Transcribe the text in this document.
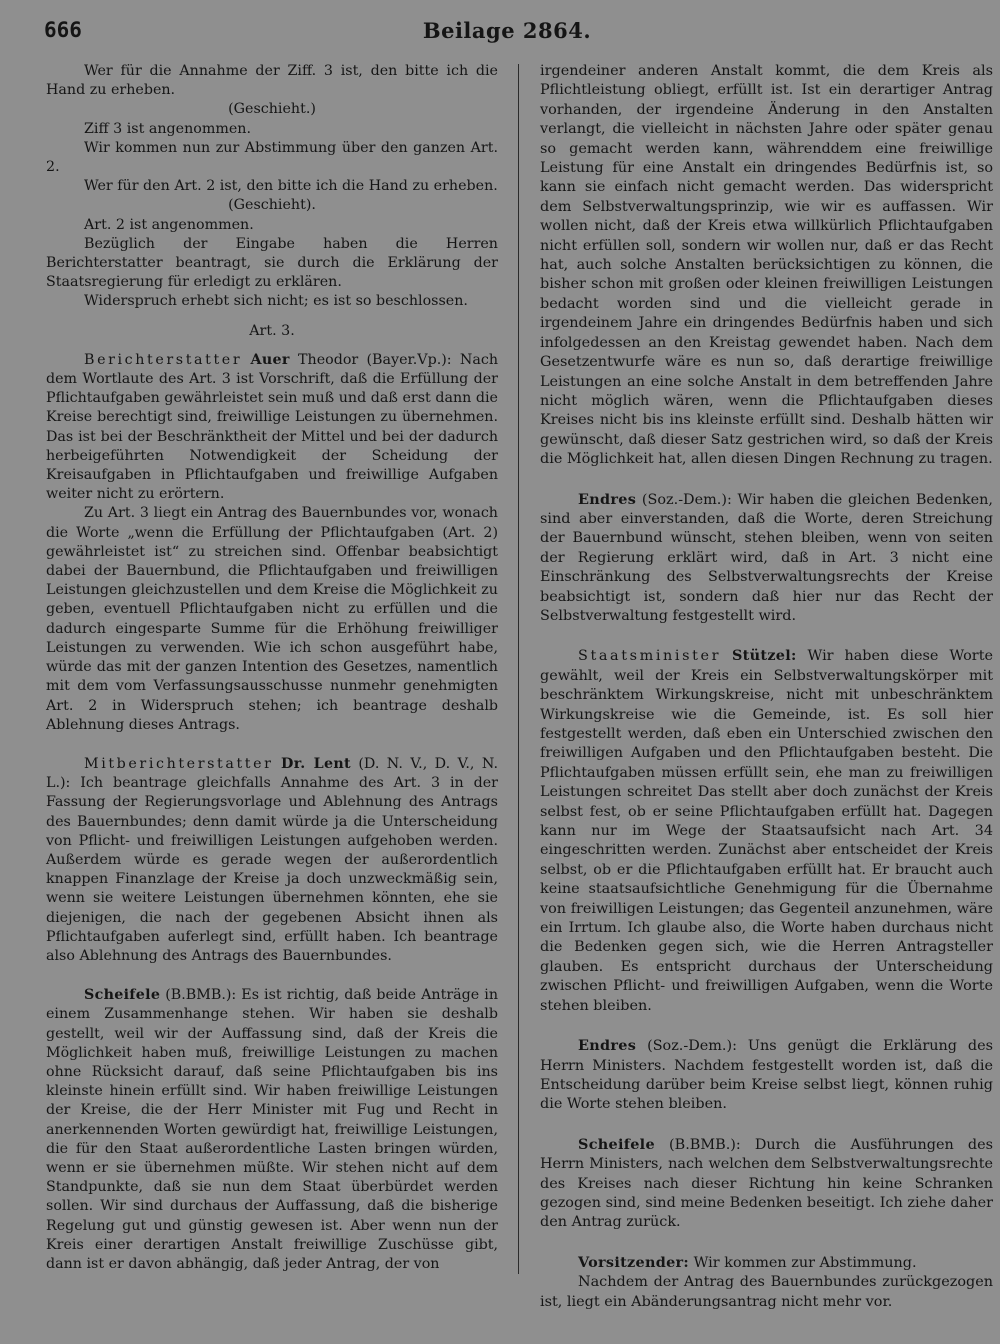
666	Beilage 2864.

Wer für die Annahme der Ziff. 3 ist, den bitte ich die Hand zu erheben.

(Geschieht.)

Ziff 3 ist angenommen.

Wir kommen nun zur Abstimmung über den ganzen Art. 2.

Wer für den Art. 2 ist, den bitte ich die Hand zu erheben.

(Geschieht).

Art. 2 ist angenommen.

Bezüglich der Eingabe haben die Herren Berichterstatter beantragt, sie durch die Erklärung der Staatsregierung für erledigt zu erklären.

Widerspruch erhebt sich nicht; es ist so beschlossen.

Art. 3.

Berichterstatter Auer Theodor (Bayer.Vp.): Nach dem Wortlaute des Art. 3 ist Vorschrift, daß die Erfüllung der Pflichtaufgaben gewährleistet sein muß und daß erst dann die Kreise berechtigt sind, freiwillige Leistungen zu übernehmen. Das ist bei der Beschränktheit der Mittel und bei der dadurch herbeigeführten Notwendigkeit der Scheidung der Kreisaufgaben in Pflichtaufgaben und freiwillige Aufgaben weiter nicht zu erörtern.

Zu Art. 3 liegt ein Antrag des Bauernbundes vor, wonach die Worte „wenn die Erfüllung der Pflichtaufgaben (Art. 2) gewährleistet ist“ zu streichen sind. Offenbar beabsichtigt dabei der Bauernbund, die Pflichtaufgaben und freiwilligen Leistungen gleichzustellen und dem Kreise die Möglichkeit zu geben, eventuell Pflichtaufgaben nicht zu erfüllen und die dadurch eingesparte Summe für die Erhöhung freiwilliger Leistungen zu verwenden. Wie ich schon ausgeführt habe, würde das mit der ganzen Intention des Gesetzes, namentlich mit dem vom Verfassungsausschusse nunmehr genehmigten Art. 2 in Widerspruch stehen; ich beantrage deshalb Ablehnung dieses Antrags.

Mitberichterstatter Dr. Lent (D. N. V., D. V., N. L.): Ich beantrage gleichfalls Annahme des Art. 3 in der Fassung der Regierungsvorlage und Ablehnung des Antrags des Bauernbundes; denn damit würde ja die Unterscheidung von Pflicht- und freiwilligen Leistungen aufgehoben werden. Außerdem würde es gerade wegen der außerordentlich knappen Finanzlage der Kreise ja doch unzweckmäßig sein, wenn sie weitere Leistungen übernehmen könnten, ehe sie diejenigen, die nach der gegebenen Absicht ihnen als Pflichtaufgaben auferlegt sind, erfüllt haben. Ich beantrage also Ablehnung des Antrags des Bauernbundes.

Scheifele (B.BMB.): Es ist richtig, daß beide Anträge in einem Zusammenhange stehen. Wir haben sie deshalb gestellt, weil wir der Auffassung sind, daß der Kreis die Möglichkeit haben muß, freiwillige Leistungen zu machen ohne Rücksicht darauf, daß seine Pflichtaufgaben bis ins kleinste hinein erfüllt sind. Wir haben freiwillige Leistungen der Kreise, die der Herr Minister mit Fug und Recht in anerkennenden Worten gewürdigt hat, freiwillige Leistungen, die für den Staat außerordentliche Lasten bringen würden, wenn er sie übernehmen müßte. Wir stehen nicht auf dem Standpunkte, daß sie nun dem Staat überbürdet werden sollen. Wir sind durchaus der Auffassung, daß die bisherige Regelung gut und günstig gewesen ist. Aber wenn nun der Kreis einer derartigen Anstalt freiwillige Zuschüsse gibt, dann ist er davon abhängig, daß jeder Antrag, der von

irgendeiner anderen Anstalt kommt, die dem Kreis als Pflichtleistung obliegt, erfüllt ist. Ist ein derartiger Antrag vorhanden, der irgendeine Änderung in den Anstalten verlangt, die vielleicht in nächsten Jahre oder später genau so gemacht werden kann, währenddem eine freiwillige Leistung für eine Anstalt ein dringendes Bedürfnis ist, so kann sie einfach nicht gemacht werden. Das widerspricht dem Selbstverwaltungsprinzip, wie wir es auffassen. Wir wollen nicht, daß der Kreis etwa willkürlich Pflichtaufgaben nicht erfüllen soll, sondern wir wollen nur, daß er das Recht hat, auch solche Anstalten berücksichtigen zu können, die bisher schon mit großen oder kleinen freiwilligen Leistungen bedacht worden sind und die vielleicht gerade in irgendeinem Jahre ein dringendes Bedürfnis haben und sich infolgedessen an den Kreistag gewendet haben. Nach dem Gesetzentwurfe wäre es nun so, daß derartige freiwillige Leistungen an eine solche Anstalt in dem betreffenden Jahre nicht möglich wären, wenn die Pflichtaufgaben dieses Kreises nicht bis ins kleinste erfüllt sind. Deshalb hätten wir gewünscht, daß dieser Satz gestrichen wird, so daß der Kreis die Möglichkeit hat, allen diesen Dingen Rechnung zu tragen.

Endres (Soz.-Dem.): Wir haben die gleichen Bedenken, sind aber einverstanden, daß die Worte, deren Streichung der Bauernbund wünscht, stehen bleiben, wenn von seiten der Regierung erklärt wird, daß in Art. 3 nicht eine Einschränkung des Selbstverwaltungsrechts der Kreise beabsichtigt ist, sondern daß hier nur das Recht der Selbstverwaltung festgestellt wird.

Staatsminister Stützel: Wir haben diese Worte gewählt, weil der Kreis ein Selbstverwaltungskörper mit beschränktem Wirkungskreise, nicht mit unbeschränktem Wirkungskreise wie die Gemeinde, ist. Es soll hier festgestellt werden, daß eben ein Unterschied zwischen den freiwilligen Aufgaben und den Pflichtaufgaben besteht. Die Pflichtaufgaben müssen erfüllt sein, ehe man zu freiwilligen Leistungen schreitet Das stellt aber doch zunächst der Kreis selbst fest, ob er seine Pflichtaufgaben erfüllt hat. Dagegen kann nur im Wege der Staatsaufsicht nach Art. 34 eingeschritten werden. Zunächst aber entscheidet der Kreis selbst, ob er die Pflichtaufgaben erfüllt hat. Er braucht auch keine staatsaufsichtliche Genehmigung für die Übernahme von freiwilligen Leistungen; das Gegenteil anzunehmen, wäre ein Irrtum. Ich glaube also, die Worte haben durchaus nicht die Bedenken gegen sich, wie die Herren Antragsteller glauben. Es entspricht durchaus der Unterscheidung zwischen Pflicht- und freiwilligen Aufgaben, wenn die Worte stehen bleiben.

Endres (Soz.-Dem.): Uns genügt die Erklärung des Herrn Ministers. Nachdem festgestellt worden ist, daß die Entscheidung darüber beim Kreise selbst liegt, können ruhig die Worte stehen bleiben.

Scheifele (B.BMB.): Durch die Ausführungen des Herrn Ministers, nach welchen dem Selbstverwaltungsrechte des Kreises nach dieser Richtung hin keine Schranken gezogen sind, sind meine Bedenken beseitigt. Ich ziehe daher den Antrag zurück.

Vorsitzender: Wir kommen zur Abstimmung.

Nachdem der Antrag des Bauernbundes zurückgezogen ist, liegt ein Abänderungsantrag nicht mehr vor.
